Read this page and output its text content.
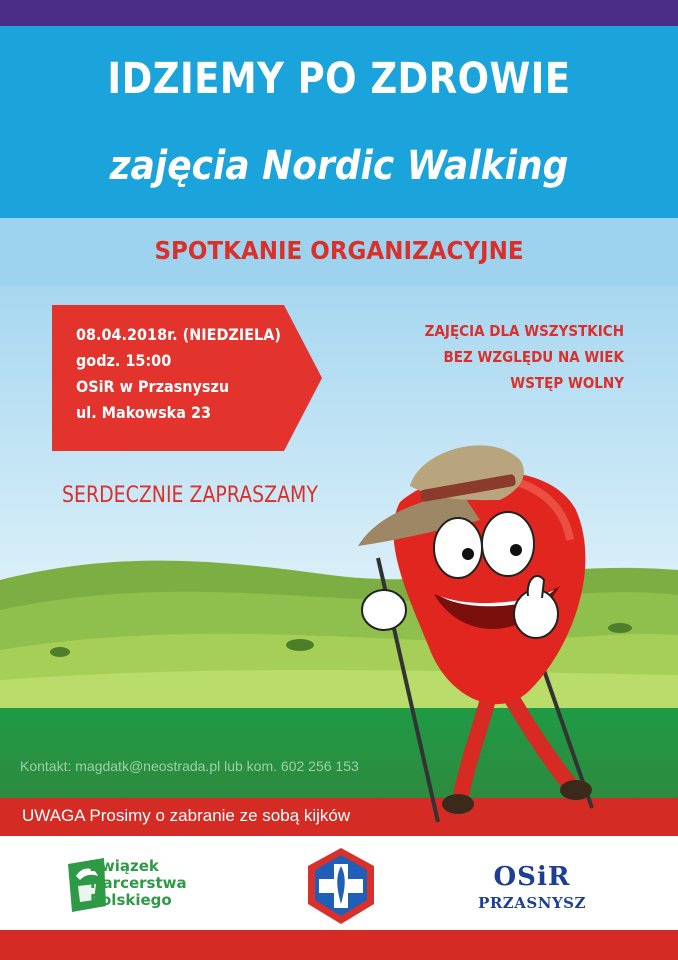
IDZIEMY PO ZDROWIE
zajęcia Nordic Walking
SPOTKANIE ORGANIZACYJNE
Kontakt: magdatk@neostrada.pl lub kom. 602 256 153
UWAGA Prosimy o zabranie ze sobą kijków
08.04.2018r. (NIEDZIELA)
godz. 15:00
OSiR w Przasnyszu
ul. Makowska 23
ZAJĘCIA DLA WSZYSTKICH
BEZ WZGLĘDU NA WIEK
WSTĘP WOLNY
SERDECZNIE ZAPRASZAMY
Związek
Harcerstwa
Polskiego
OSiR
PRZASNYSZ
